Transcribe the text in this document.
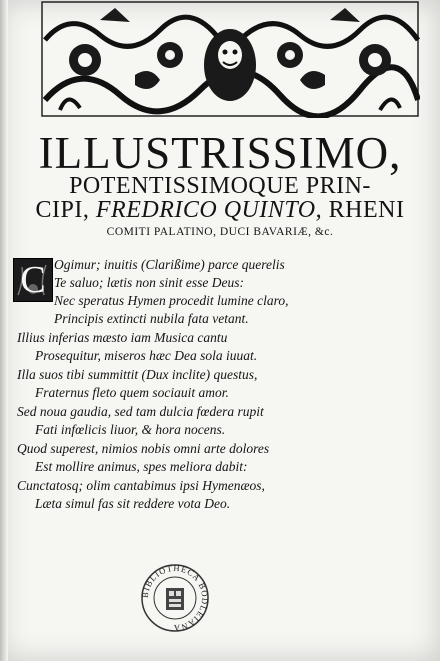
ILLUSTRISSIMO,
POTENTISSIMOQUE PRIN-
CIPI, FREDRICO QUINTO, RHENI
COMITI PALATINO, DUCI BAVARIÆ, &c.
C Ogimur; inuitis (Clarißime) parce querelis
Te saluo; lætis non sinit esse Deus:
Nec speratus Hymen procedit lumine claro,
Principis extincti nubila fata vetant.
Illius inferias mæsto iam Musica cantu
Prosequitur, miseros hæc Dea sola iuuat.
Illa suos tibi summittit (Dux inclite) questus,
Fraternus fleto quem sociauit amor.
Sed noua gaudia, sed tam dulcia fœdera rupit
Fati infœlicis liuor, & hora nocens.
Quod superest, nimios nobis omni arte dolores
Est mollire animus, spes meliora dabit:
Cunctatosq; olim cantabimus ipsi Hymenæos,
Læta simul fas sit reddere vota Deo.
BIBLIOTHECA BODLEIANA
